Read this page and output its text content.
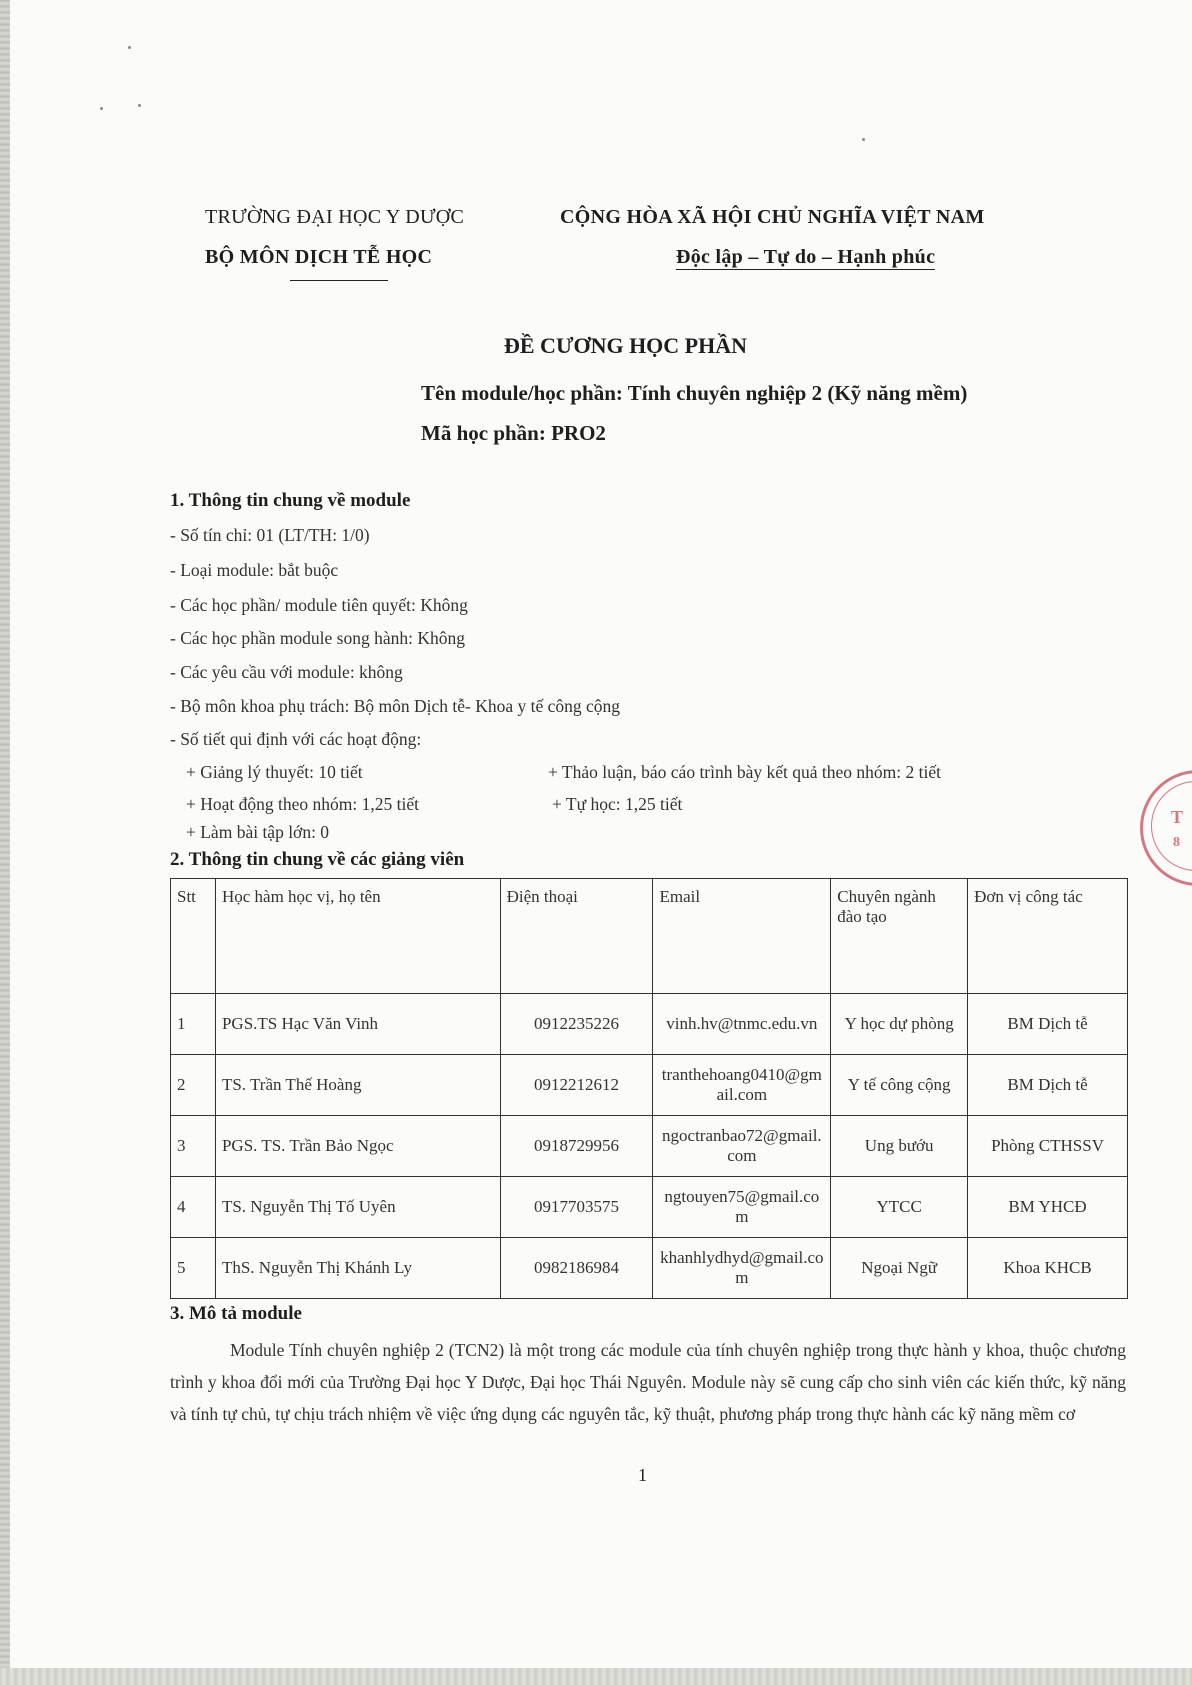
TRƯỜNG ĐẠI HỌC Y DƯỢC
BỘ MÔN DỊCH TỄ HỌC
CỘNG HÒA XÃ HỘI CHỦ NGHĨA VIỆT NAM
Độc lập – Tự do – Hạnh phúc
ĐỀ CƯƠNG HỌC PHẦN
Tên module/học phần: Tính chuyên nghiệp 2 (Kỹ năng mềm)
Mã học phần: PRO2
1. Thông tin chung về module
- Số tín chỉ: 01 (LT/TH: 1/0)
- Loại module: bắt buộc
- Các học phần/ module tiên quyết: Không
- Các học phần module song hành: Không
- Các yêu cầu với module: không
- Bộ môn khoa phụ trách: Bộ môn Dịch tễ- Khoa y tế công cộng
- Số tiết qui định với các hoạt động:
+ Giảng lý thuyết: 10 tiết	+ Thảo luận, báo cáo trình bày kết quả theo nhóm: 2 tiết
+ Hoạt động theo nhóm: 1,25 tiết	+ Tự học: 1,25 tiết
+ Làm bài tập lớn: 0
2. Thông tin chung về các giảng viên
Stt	Học hàm học vị, họ tên	Điện thoại	Email	Chuyên ngành đào tạo	Đơn vị công tác
1	PGS.TS Hạc Văn Vinh	0912235226	vinh.hv@tnmc.edu.vn	Y học dự phòng	BM Dịch tễ
2	TS. Trần Thế Hoàng	0912212612	tranthehoang0410@gmail.com	Y tế công cộng	BM Dịch tễ
3	PGS. TS. Trần Bảo Ngọc	0918729956	ngoctranbao72@gmail.com	Ung bướu	Phòng CTHSSV
4	TS. Nguyễn Thị Tố Uyên	0917703575	ngtouyen75@gmail.com	YTCC	BM YHCĐ
5	ThS. Nguyễn Thị Khánh Ly	0982186984	khanhlydhyd@gmail.com	Ngoại Ngữ	Khoa KHCB
3. Mô tả module
Module Tính chuyên nghiệp 2 (TCN2) là một trong các module của tính chuyên nghiệp trong thực hành y khoa, thuộc chương trình y khoa đổi mới của Trường Đại học Y Dược, Đại học Thái Nguyên. Module này sẽ cung cấp cho sinh viên các kiến thức, kỹ năng và tính tự chủ, tự chịu trách nhiệm về việc ứng dụng các nguyên tắc, kỹ thuật, phương pháp trong thực hành các kỹ năng mềm cơ
1
T
8
